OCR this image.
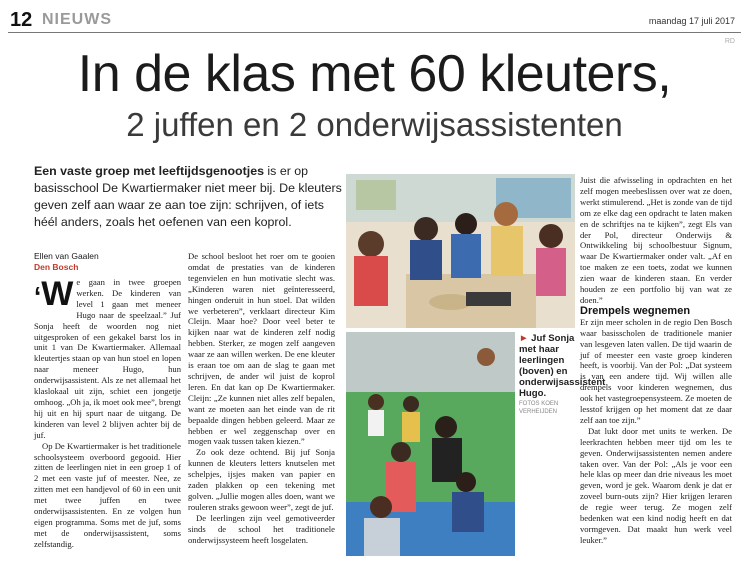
12 NIEUWS	maandag 17 juli 2017
RD
In de klas met 60 kleuters,
2 juffen en 2 onderwijsassistenten
Een vaste groep met leeftijdsgenootjes is er op basisschool De Kwartiermaker niet meer bij. De kleuters geven zelf aan waar ze aan toe zijn: schrijven, of iets héél anders, zoals het oefenen van een koprol.
Ellen van Gaalen
Den Bosch

‘W e gaan in twee groepen werken. De kinderen van level 1 gaan met meneer Hugo naar de speelzaal.” Juf Sonja heeft de woorden nog niet uitgesproken of een gekakel barst los in unit 1 van De Kwartiermaker. Allemaal kleutertjes staan op van hun stoel en lopen naar meneer Hugo, hun onderwijsassistent. Als ze net allemaal het klaslokaal uit zijn, schiet een jongetje omhoog. „Oh ja, ik moet ook mee”, brengt hij uit en hij spurt naar de uitgang. De kinderen van level 2 blijven achter bij de juf.

Op De Kwartiermaker is het traditionele schoolsysteem overboord gegooid. Hier zitten de leerlingen niet in een groep 1 of 2 met een vaste juf of meester. Nee, ze zitten met een handjevol of 60 in een unit met twee juffen en twee onderwijsassistenten. En ze volgen hun eigen programma. Soms met de juf, soms met de onderwijsassistent, soms zelfstandig.

De school besloot het roer om te gooien omdat de prestaties van de kinderen tegenvielen en hun motivatie slecht was. „Kinderen waren niet geïnteresseerd, hingen onderuit in hun stoel. Dat wilden we verbeteren”, verklaart directeur Kim Cleijn. Maar hoe? Door veel beter te kijken naar wat de kinderen zelf nodig hebben. Sterker, ze mogen zelf aangeven waar ze aan willen werken. De ene kleuter is eraan toe om aan de slag te gaan met schrijven, de ander wil juist de koprol leren. En dat kan op De Kwartiermaker. Cleijn: „Ze kunnen niet alles zelf bepalen, want ze moeten aan het einde van de rit bepaalde dingen hebben geleerd. Maar ze hebben er wel zeggenschap over en mogen vaak tussen taken kiezen.”

Zo ook deze ochtend. Bij juf Sonja kunnen de kleuters letters knutselen met schelpjes, ijsjes maken van papier en zaden plakken op een tekening met golven. „Jullie mogen alles doen, want we rouleren straks gewoon weer”, zegt de juf.

De leerlingen zijn veel gemotiveerder sinds de school het traditionele onderwijssysteem heeft losgelaten.

► Juf Sonja met haar leerlingen (boven) en onderwijsassistent Hugo.
FOTOS KOEN VERHEIJDEN

Juist die afwisseling in opdrachten en het zelf mogen meebeslissen over wat ze doen, werkt stimulerend. „Het is zonde van de tijd om ze elke dag een opdracht te laten maken en de schriftjes na te kijken”, zegt Els van der Pol, directeur Onderwijs & Ontwikkeling bij schoolbestuur Signum, waar De Kwartiermaker onder valt. „Af en toe maken ze een toets, zodat we kunnen zien waar de kinderen staan. En verder houden ze een portfolio bij van wat ze doen.”

Drempels wegnemen

Er zijn meer scholen in de regio Den Bosch waar basisscholen de traditionele manier van lesgeven laten vallen. De tijd waarin de juf of meester een vaste groep kinderen heeft, is voorbij. Van der Pol: „Dat systeem is van een andere tijd. Wij willen alle drempels voor kinderen wegnemen, dus ook het vastegroepensysteem. Ze moeten de lesstof krijgen op het moment dat ze daar zelf aan toe zijn.”

Dat lukt door met units te werken. De leerkrachten hebben meer tijd om les te geven. Onderwijsassistenten nemen andere taken over. Van der Pol: „Als je voor een hele klas op meer dan drie niveaus les moet geven, word je gek. Waarom denk je dat er zoveel burn-outs zijn? Hier krijgen leraren de regie weer terug. Ze mogen zelf bedenken wat een kind nodig heeft en dat vormgeven. Dat maakt hun werk veel leuker.”
